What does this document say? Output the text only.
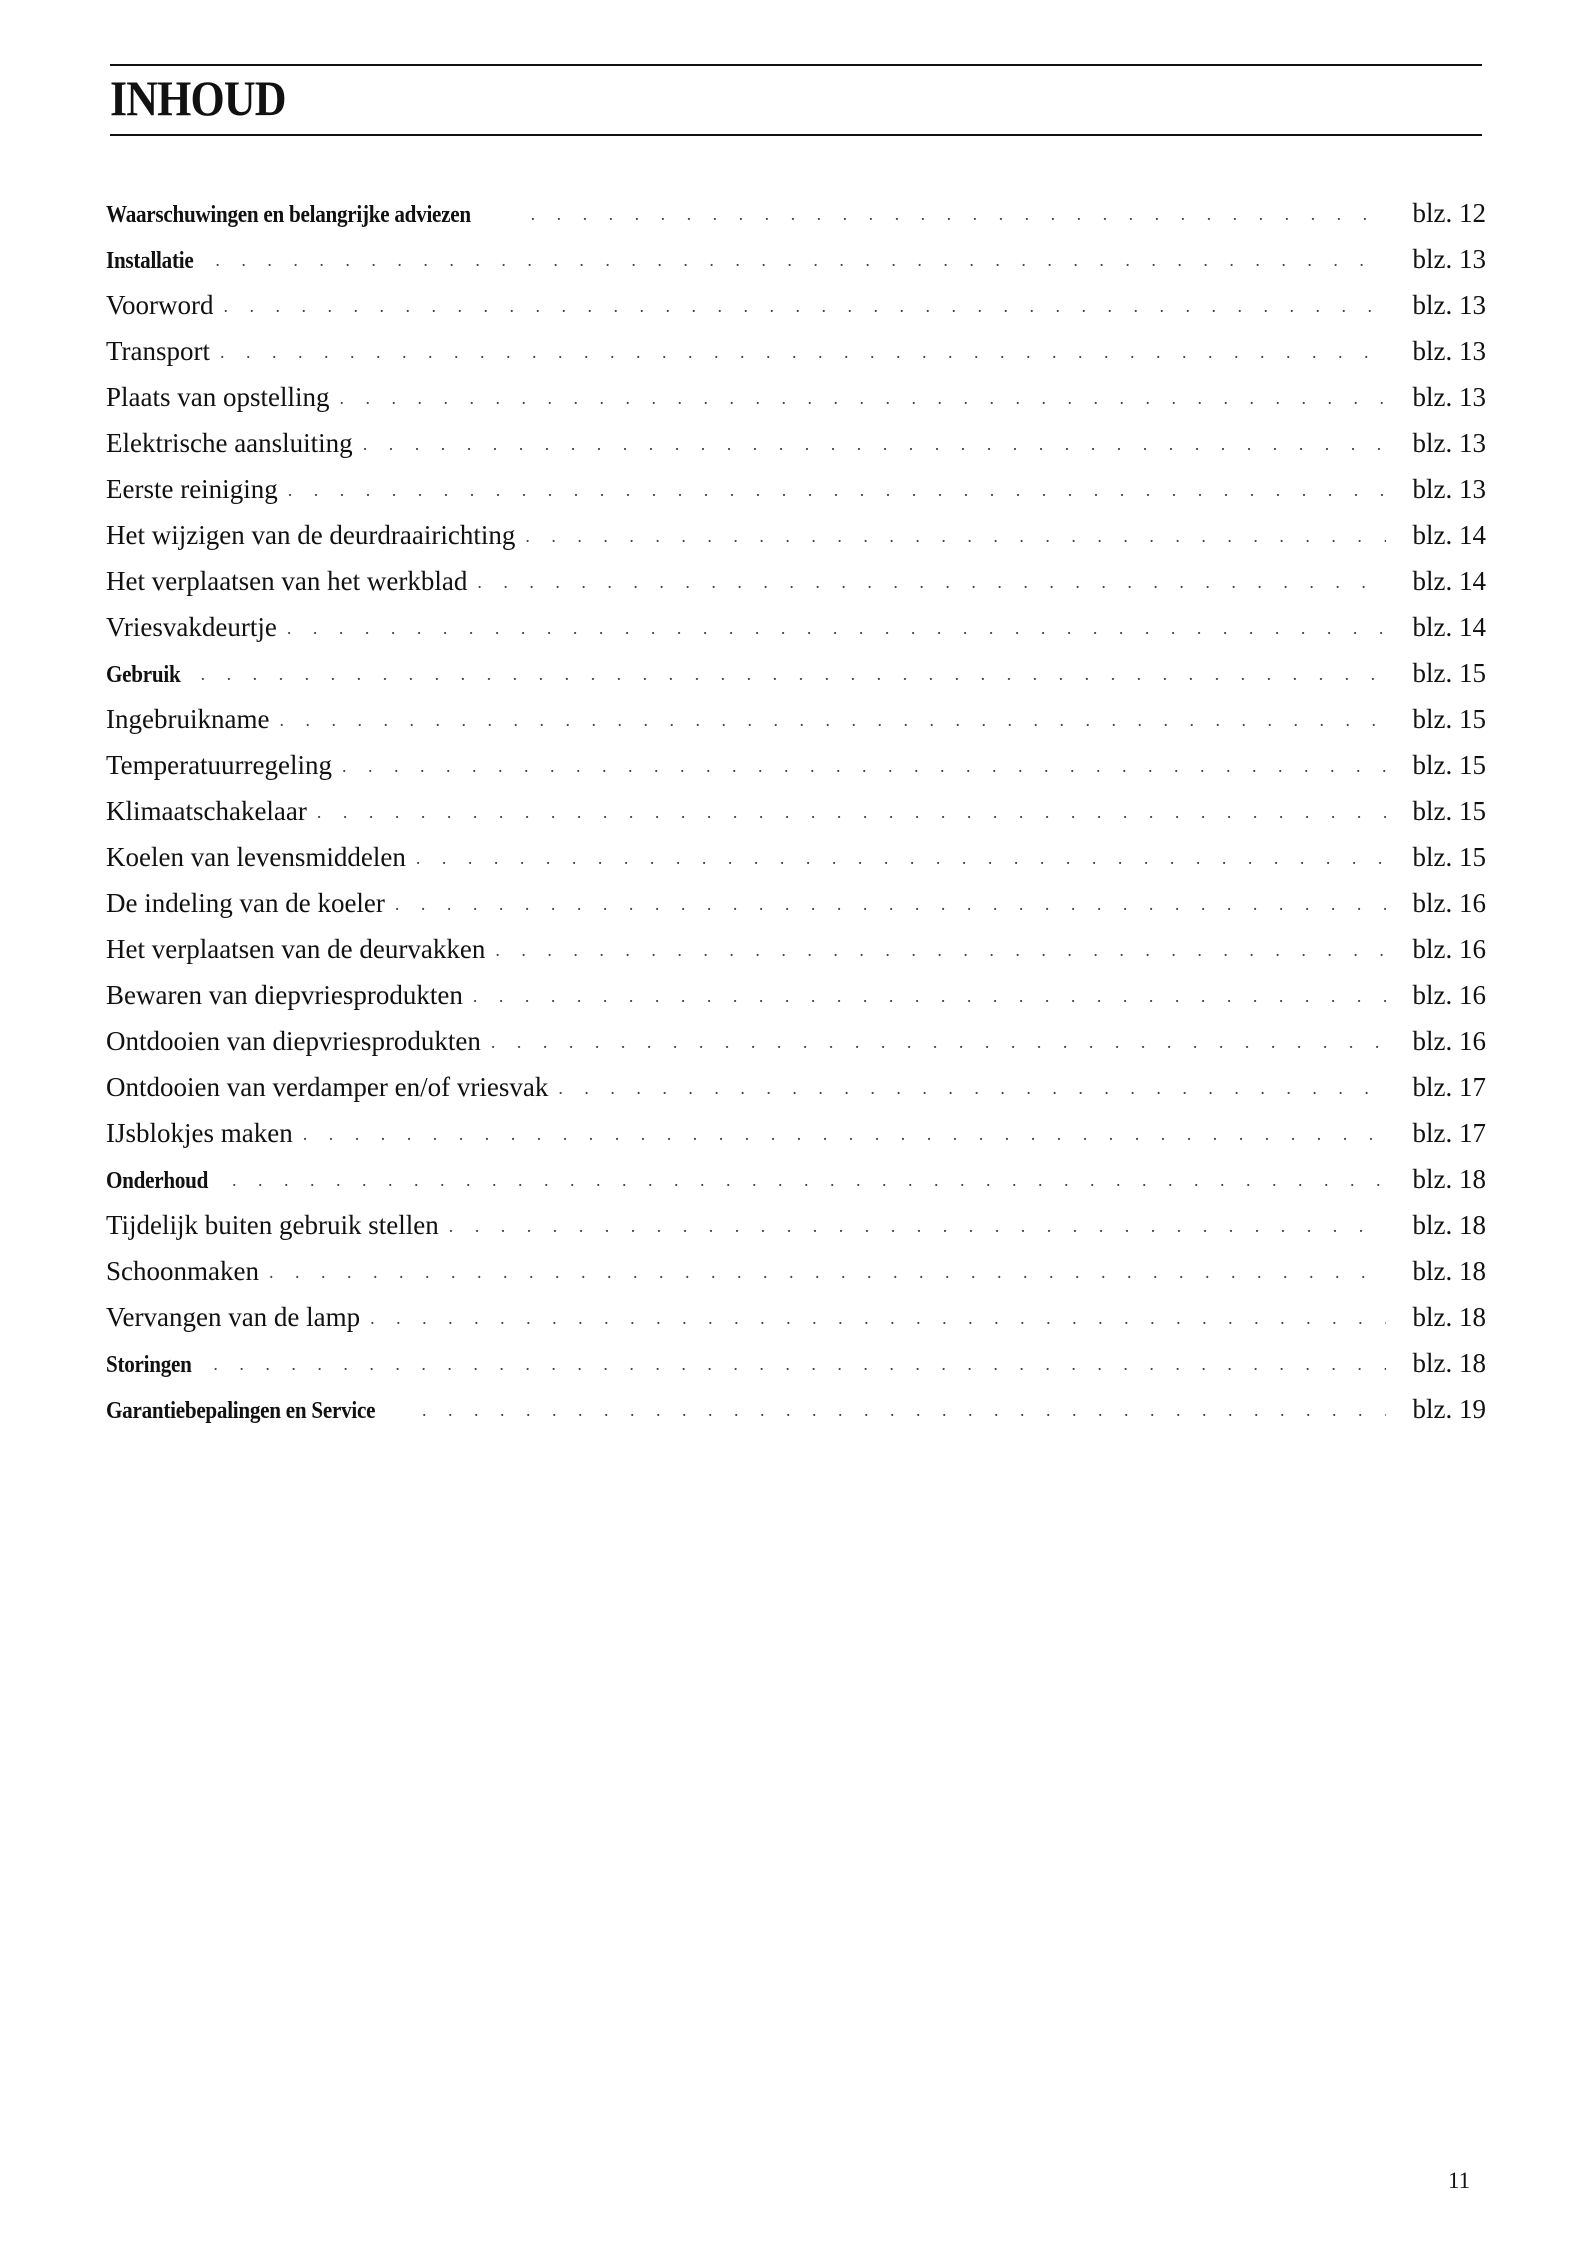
INHOUD
Waarschuwingen en belangrijke adviezen . . .	blz. 12
Installatie . . .	blz. 13
Voorword . . .	blz. 13
Transport . . .	blz. 13
Plaats van opstelling . . .	blz. 13
Elektrische aansluiting . . .	blz. 13
Eerste reiniging . . .	blz. 13
Het wijzigen van de deurdraairichting . . .	blz. 14
Het verplaatsen van het werkblad . . .	blz. 14
Vriesvakdeurtje . . .	blz. 14
Gebruik . . .	blz. 15
Ingebruikname . . .	blz. 15
Temperatuurregeling . . .	blz. 15
Klimaatschakelaar . . .	blz. 15
Koelen van levensmiddelen . . .	blz. 15
De indeling van de koeler . . .	blz. 16
Het verplaatsen van de deurvakken . . .	blz. 16
Bewaren van diepvriesprodukten . . .	blz. 16
Ontdooien van diepvriesprodukten . . .	blz. 16
Ontdooien van verdamper en/of vriesvak . . .	blz. 17
IJsblokjes maken . . .	blz. 17
Onderhoud . . .	blz. 18
Tijdelijk buiten gebruik stellen . . .	blz. 18
Schoonmaken . . .	blz. 18
Vervangen van de lamp . . .	blz. 18
Storingen . . .	blz. 18
Garantiebepalingen en Service . . .	blz. 19

11
